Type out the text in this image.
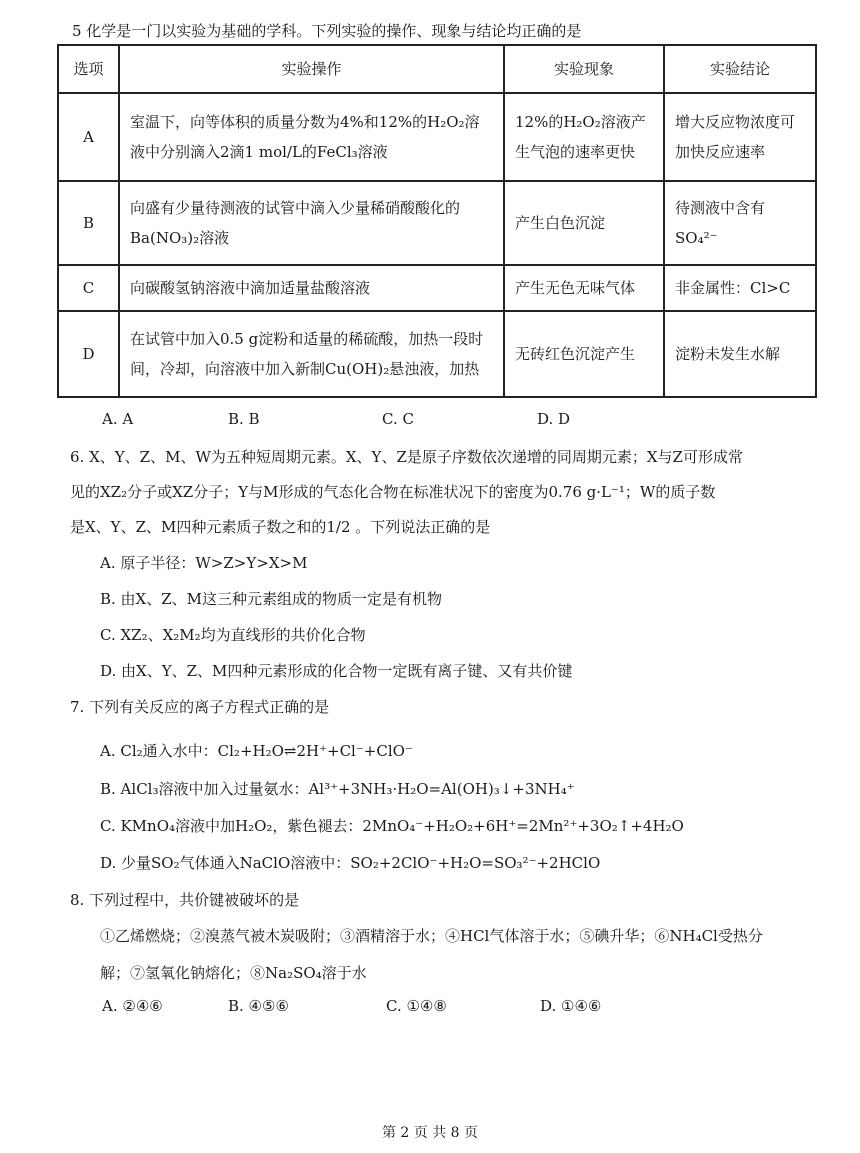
5 化学是一门以实验为基础的学科。下列实验的操作、现象与结论均正确的是
选项	实验操作	实验现象	实验结论
A	室温下，向等体积的质量分数为4%和12%的H₂O₂溶液中分别滴入2滴1 mol/L的FeCl₃溶液	12%的H₂O₂溶液产生气泡的速率更快	增大反应物浓度可加快反应速率
B	向盛有少量待测液的试管中滴入少量稀硝酸酸化的Ba(NO₃)₂溶液	产生白色沉淀	待测液中含有SO₄²⁻
C	向碳酸氢钠溶液中滴加适量盐酸溶液	产生无色无味气体	非金属性：Cl>C
D	在试管中加入0.5 g淀粉和适量的稀硫酸，加热一段时间，冷却，向溶液中加入新制Cu(OH)₂悬浊液，加热	无砖红色沉淀产生	淀粉未发生水解
A. A	B. B	C. C	D. D
6. X、Y、Z、M、W为五种短周期元素。X、Y、Z是原子序数依次递增的同周期元素；X与Z可形成常
见的XZ₂分子或XZ分子；Y与M形成的气态化合物在标准状况下的密度为0.76 g·L⁻¹；W的质子数
是X、Y、Z、M四种元素质子数之和的1/2 。下列说法正确的是
A. 原子半径：W>Z>Y>X>M
B. 由X、Z、M这三种元素组成的物质一定是有机物
C. XZ₂、X₂M₂均为直线形的共价化合物
D. 由X、Y、Z、M四种元素形成的化合物一定既有离子键、又有共价键
7. 下列有关反应的离子方程式正确的是
A. Cl₂通入水中：Cl₂+H₂O⇌2H⁺+Cl⁻+ClO⁻
B. AlCl₃溶液中加入过量氨水：Al³⁺+3NH₃·H₂O=Al(OH)₃↓+3NH₄⁺
C. KMnO₄溶液中加H₂O₂，紫色褪去：2MnO₄⁻+H₂O₂+6H⁺=2Mn²⁺+3O₂↑+4H₂O
D. 少量SO₂气体通入NaClO溶液中：SO₂+2ClO⁻+H₂O=SO₃²⁻+2HClO
8. 下列过程中，共价键被破坏的是
①乙烯燃烧；②溴蒸气被木炭吸附；③酒精溶于水；④HCl气体溶于水；⑤碘升华；⑥NH₄Cl受热分
解；⑦氢氧化钠熔化；⑧Na₂SO₄溶于水
A. ②④⑥	B. ④⑤⑥	C. ①④⑧	D. ①④⑥
第 2 页 共 8 页
